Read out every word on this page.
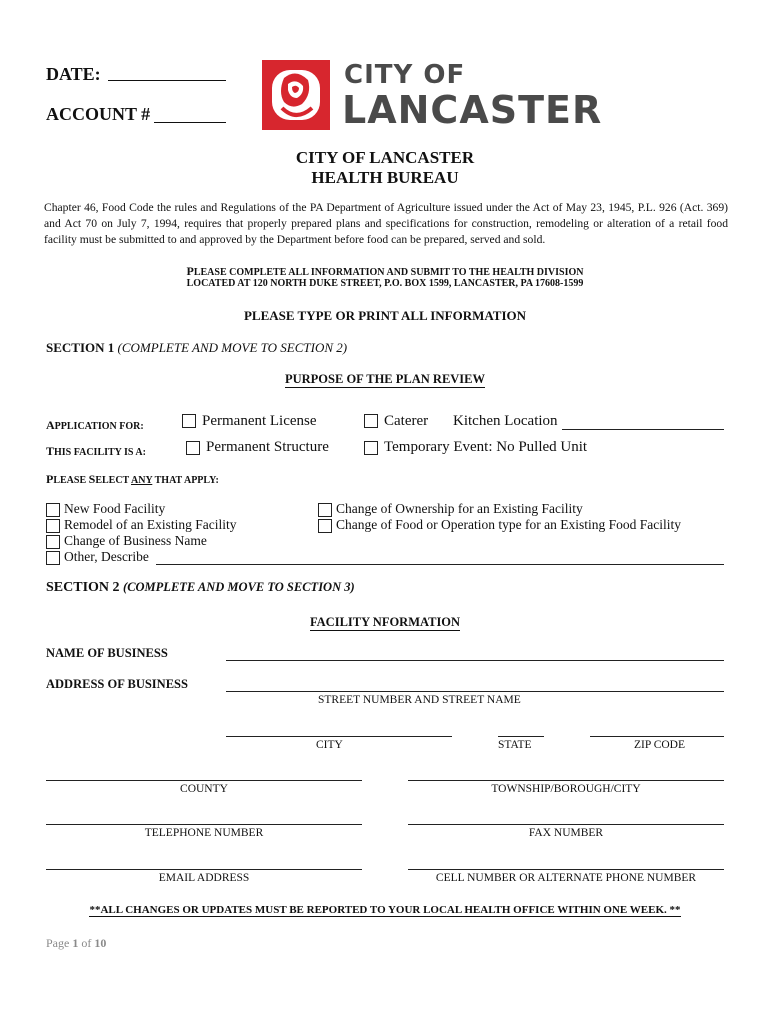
DATE:
ACCOUNT #
CITY OF
LANCASTER
CITY OF LANCASTER
HEALTH BUREAU
Chapter 46, Food Code the rules and Regulations of the PA Department of Agriculture issued under the Act of May 23, 1945, P.L. 926 (Act. 369) and Act 70 on July 7, 1994, requires that properly prepared plans and specifications for construction, remodeling or alteration of a retail food facility must be submitted to and approved by the Department before food can be prepared, served and sold.
PLEASE COMPLETE ALL INFORMATION AND SUBMIT TO THE HEALTH DIVISION
LOCATED AT 120 NORTH DUKE STREET, P.O. BOX 1599, LANCASTER, PA 17608-1599
PLEASE TYPE OR PRINT ALL INFORMATION
SECTION 1 (COMPLETE AND MOVE TO SECTION 2)
PURPOSE OF THE PLAN REVIEW
APPLICATION FOR:	Permanent License	Caterer Kitchen Location
THIS FACILITY IS A:	Permanent Structure	Temporary Event: No Pulled Unit
PLEASE SELECT ANY THAT APPLY:
New Food Facility
Remodel of an Existing Facility
Change of Business Name
Other, Describe
Change of Ownership for an Existing Facility
Change of Food or Operation type for an Existing Food Facility
SECTION 2 (COMPLETE AND MOVE TO SECTION 3)
FACILITY NFORMATION
NAME OF BUSINESS
ADDRESS OF BUSINESS
STREET NUMBER AND STREET NAME
CITY	STATE	ZIP CODE
COUNTY	TOWNSHIP/BOROUGH/CITY
TELEPHONE NUMBER	FAX NUMBER
EMAIL ADDRESS	CELL NUMBER OR ALTERNATE PHONE NUMBER
**ALL CHANGES OR UPDATES MUST BE REPORTED TO YOUR LOCAL HEALTH OFFICE WITHIN ONE WEEK. **
Page 1 of 10
